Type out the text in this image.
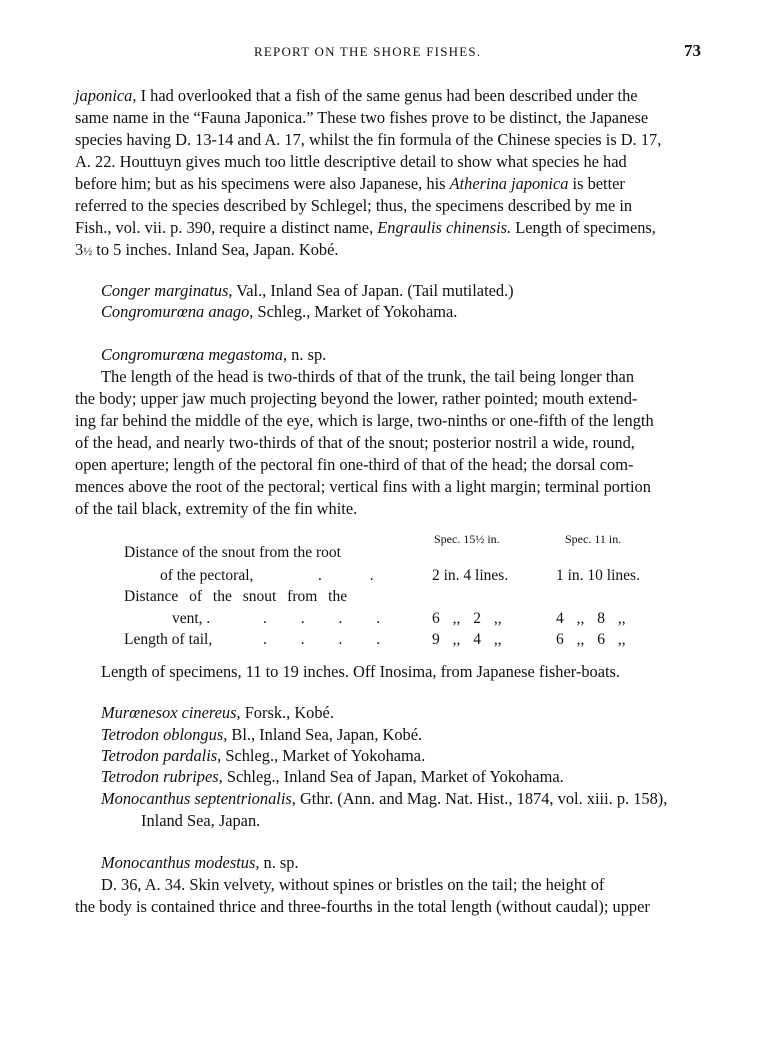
REPORT ON THE SHORE FISHES.	73
japonica, I had overlooked that a fish of the same genus had been described under the
same name in the “Fauna Japonica.” These two fishes prove to be distinct, the Japanese
species having D. 13-14 and A. 17, whilst the fin formula of the Chinese species is D. 17,
A. 22. Houttuyn gives much too little descriptive detail to show what species he had
before him; but as his specimens were also Japanese, his Atherina japonica is better
referred to the species described by Schlegel; thus, the specimens described by me in
Fish., vol. vii. p. 390, require a distinct name, Engraulis chinensis. Length of specimens,
3½ to 5 inches. Inland Sea, Japan. Kobé.
Conger marginatus, Val., Inland Sea of Japan. (Tail mutilated.)
Congromurœna anago, Schleg., Market of Yokohama.
Congromurœna megastoma, n. sp.
The length of the head is two-thirds of that of the trunk, the tail being longer than
the body; upper jaw much projecting beyond the lower, rather pointed; mouth extend-
ing far behind the middle of the eye, which is large, two-ninths or one-fifth of the length
of the head, and nearly two-thirds of that of the snout; posterior nostril a wide, round,
open aperture; length of the pectoral fin one-third of that of the head; the dorsal com-
mences above the root of the pectoral; vertical fins with a light margin; terminal portion
of the tail black, extremity of the fin white.
Spec. 15½ in.	Spec. 11 in.
Distance of the snout from the root
of the pectoral,	. .	2 in. 4 lines.	1 in. 10 lines.
Distance of the snout from the
vent, .	. . . .	6 ,, 2 ,,	4 ,, 8 ,,
Length of tail,	. . . .	9 ,, 4 ,,	6 ,, 6 ,,
Length of specimens, 11 to 19 inches. Off Inosima, from Japanese fisher-boats.
Murœnesox cinereus, Forsk., Kobé.
Tetrodon oblongus, Bl., Inland Sea, Japan, Kobé.
Tetrodon pardalis, Schleg., Market of Yokohama.
Tetrodon rubripes, Schleg., Inland Sea of Japan, Market of Yokohama.
Monocanthus septentrionalis, Gthr. (Ann. and Mag. Nat. Hist., 1874, vol. xiii. p. 158),
Inland Sea, Japan.
Monocanthus modestus, n. sp.
D. 36, A. 34. Skin velvety, without spines or bristles on the tail; the height of
the body is contained thrice and three-fourths in the total length (without caudal); upper
